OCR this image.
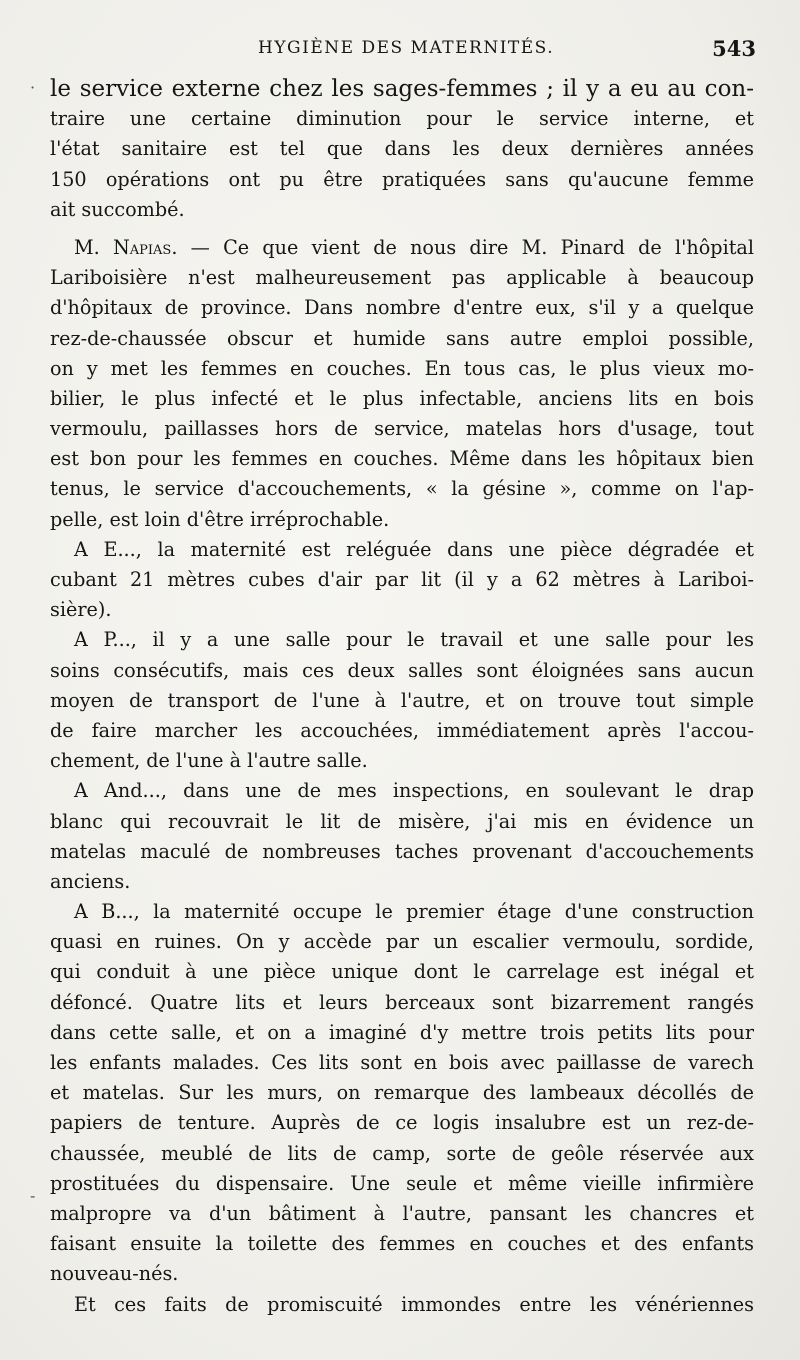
HYGIÈNE DES MATERNITÉS.	543
·
-
le service externe chez les sages-femmes ; il y a eu au con-
traire une certaine diminution pour le service interne, et
l'état sanitaire est tel que dans les deux dernières années
150 opérations ont pu être pratiquées sans qu'aucune femme
ait succombé.
M. Napias. — Ce que vient de nous dire M. Pinard de l'hôpital
Lariboisière n'est malheureusement pas applicable à beaucoup
d'hôpitaux de province. Dans nombre d'entre eux, s'il y a quelque
rez-de-chaussée obscur et humide sans autre emploi possible,
on y met les femmes en couches. En tous cas, le plus vieux mo-
bilier, le plus infecté et le plus infectable, anciens lits en bois
vermoulu, paillasses hors de service, matelas hors d'usage, tout
est bon pour les femmes en couches. Même dans les hôpitaux bien
tenus, le service d'accouchements, « la gésine », comme on l'ap-
pelle, est loin d'être irréprochable.
A E..., la maternité est reléguée dans une pièce dégradée et
cubant 21 mètres cubes d'air par lit (il y a 62 mètres à Lariboi-
sière).
A P..., il y a une salle pour le travail et une salle pour les
soins consécutifs, mais ces deux salles sont éloignées sans aucun
moyen de transport de l'une à l'autre, et on trouve tout simple
de faire marcher les accouchées, immédiatement après l'accou-
chement, de l'une à l'autre salle.
A And..., dans une de mes inspections, en soulevant le drap
blanc qui recouvrait le lit de misère, j'ai mis en évidence un
matelas maculé de nombreuses taches provenant d'accouchements
anciens.
A B..., la maternité occupe le premier étage d'une construction
quasi en ruines. On y accède par un escalier vermoulu, sordide,
qui conduit à une pièce unique dont le carrelage est inégal et
défoncé. Quatre lits et leurs berceaux sont bizarrement rangés
dans cette salle, et on a imaginé d'y mettre trois petits lits pour
les enfants malades. Ces lits sont en bois avec paillasse de varech
et matelas. Sur les murs, on remarque des lambeaux décollés de
papiers de tenture. Auprès de ce logis insalubre est un rez-de-
chaussée, meublé de lits de camp, sorte de geôle réservée aux
prostituées du dispensaire. Une seule et même vieille infirmière
malpropre va d'un bâtiment à l'autre, pansant les chancres et
faisant ensuite la toilette des femmes en couches et des enfants
nouveau-nés.
Et ces faits de promiscuité immondes entre les vénériennes
